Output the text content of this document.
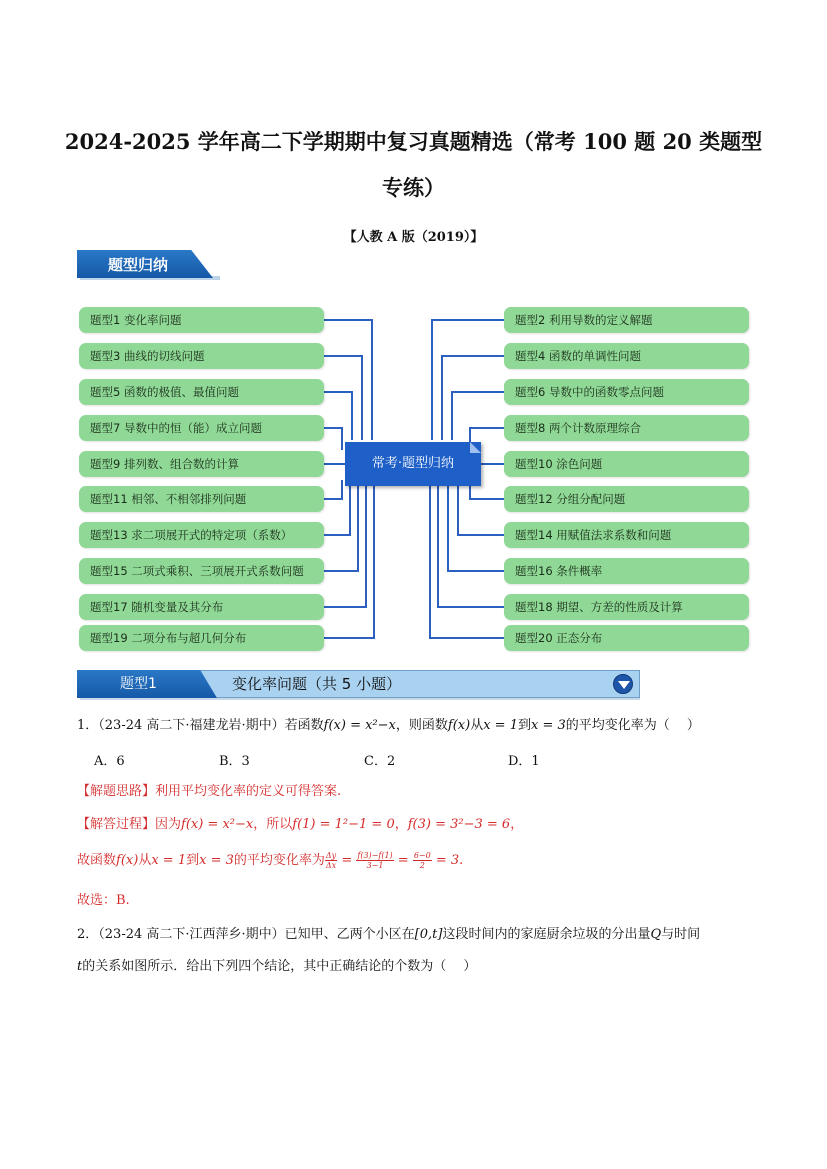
2024-2025 学年高二下学期期中复习真题精选（常考 100 题 20 类题型
专练）
【人教 A 版（2019）】
题型归纳
题型1 变化率问题
题型3 曲线的切线问题
题型5 函数的极值、最值问题
题型7 导数中的恒（能）成立问题
题型9 排列数、组合数的计算
题型11 相邻、不相邻排列问题
题型13 求二项展开式的特定项（系数）
题型15 二项式乘积、三项展开式系数问题
题型17 随机变量及其分布
题型19 二项分布与超几何分布
题型2 利用导数的定义解题
题型4 函数的单调性问题
题型6 导数中的函数零点问题
题型8 两个计数原理综合
题型10 涂色问题
题型12 分组分配问题
题型14 用赋值法求系数和问题
题型16 条件概率
题型18 期望、方差的性质及计算
题型20 正态分布
常考·题型归纳
题型1	变化率问题（共 5 小题）
1．（23-24 高二下·福建龙岩·期中）若函数f(x) = x²−x，则函数f(x)从x = 1到x = 3的平均变化率为（　 ）
A．6	B．3	C．2	D．1
【解题思路】利用平均变化率的定义可得答案.
【解答过程】因为f(x) = x²−x，所以f(1) = 1²−1 = 0，f(3) = 3²−3 = 6，
故函数f(x)从x = 1到x = 3的平均变化率为 $\frac{\Delta y}{\Delta x} = \frac{f(3)-f(1)}{3-1} = \frac{6-0}{2} = 3$.
故选：B.
2．（23-24 高二下·江西萍乡·期中）已知甲、乙两个小区在[0,t]这段时间内的家庭厨余垃圾的分出量Q与时间
t的关系如图所示．给出下列四个结论，其中正确结论的个数为（　 ）
